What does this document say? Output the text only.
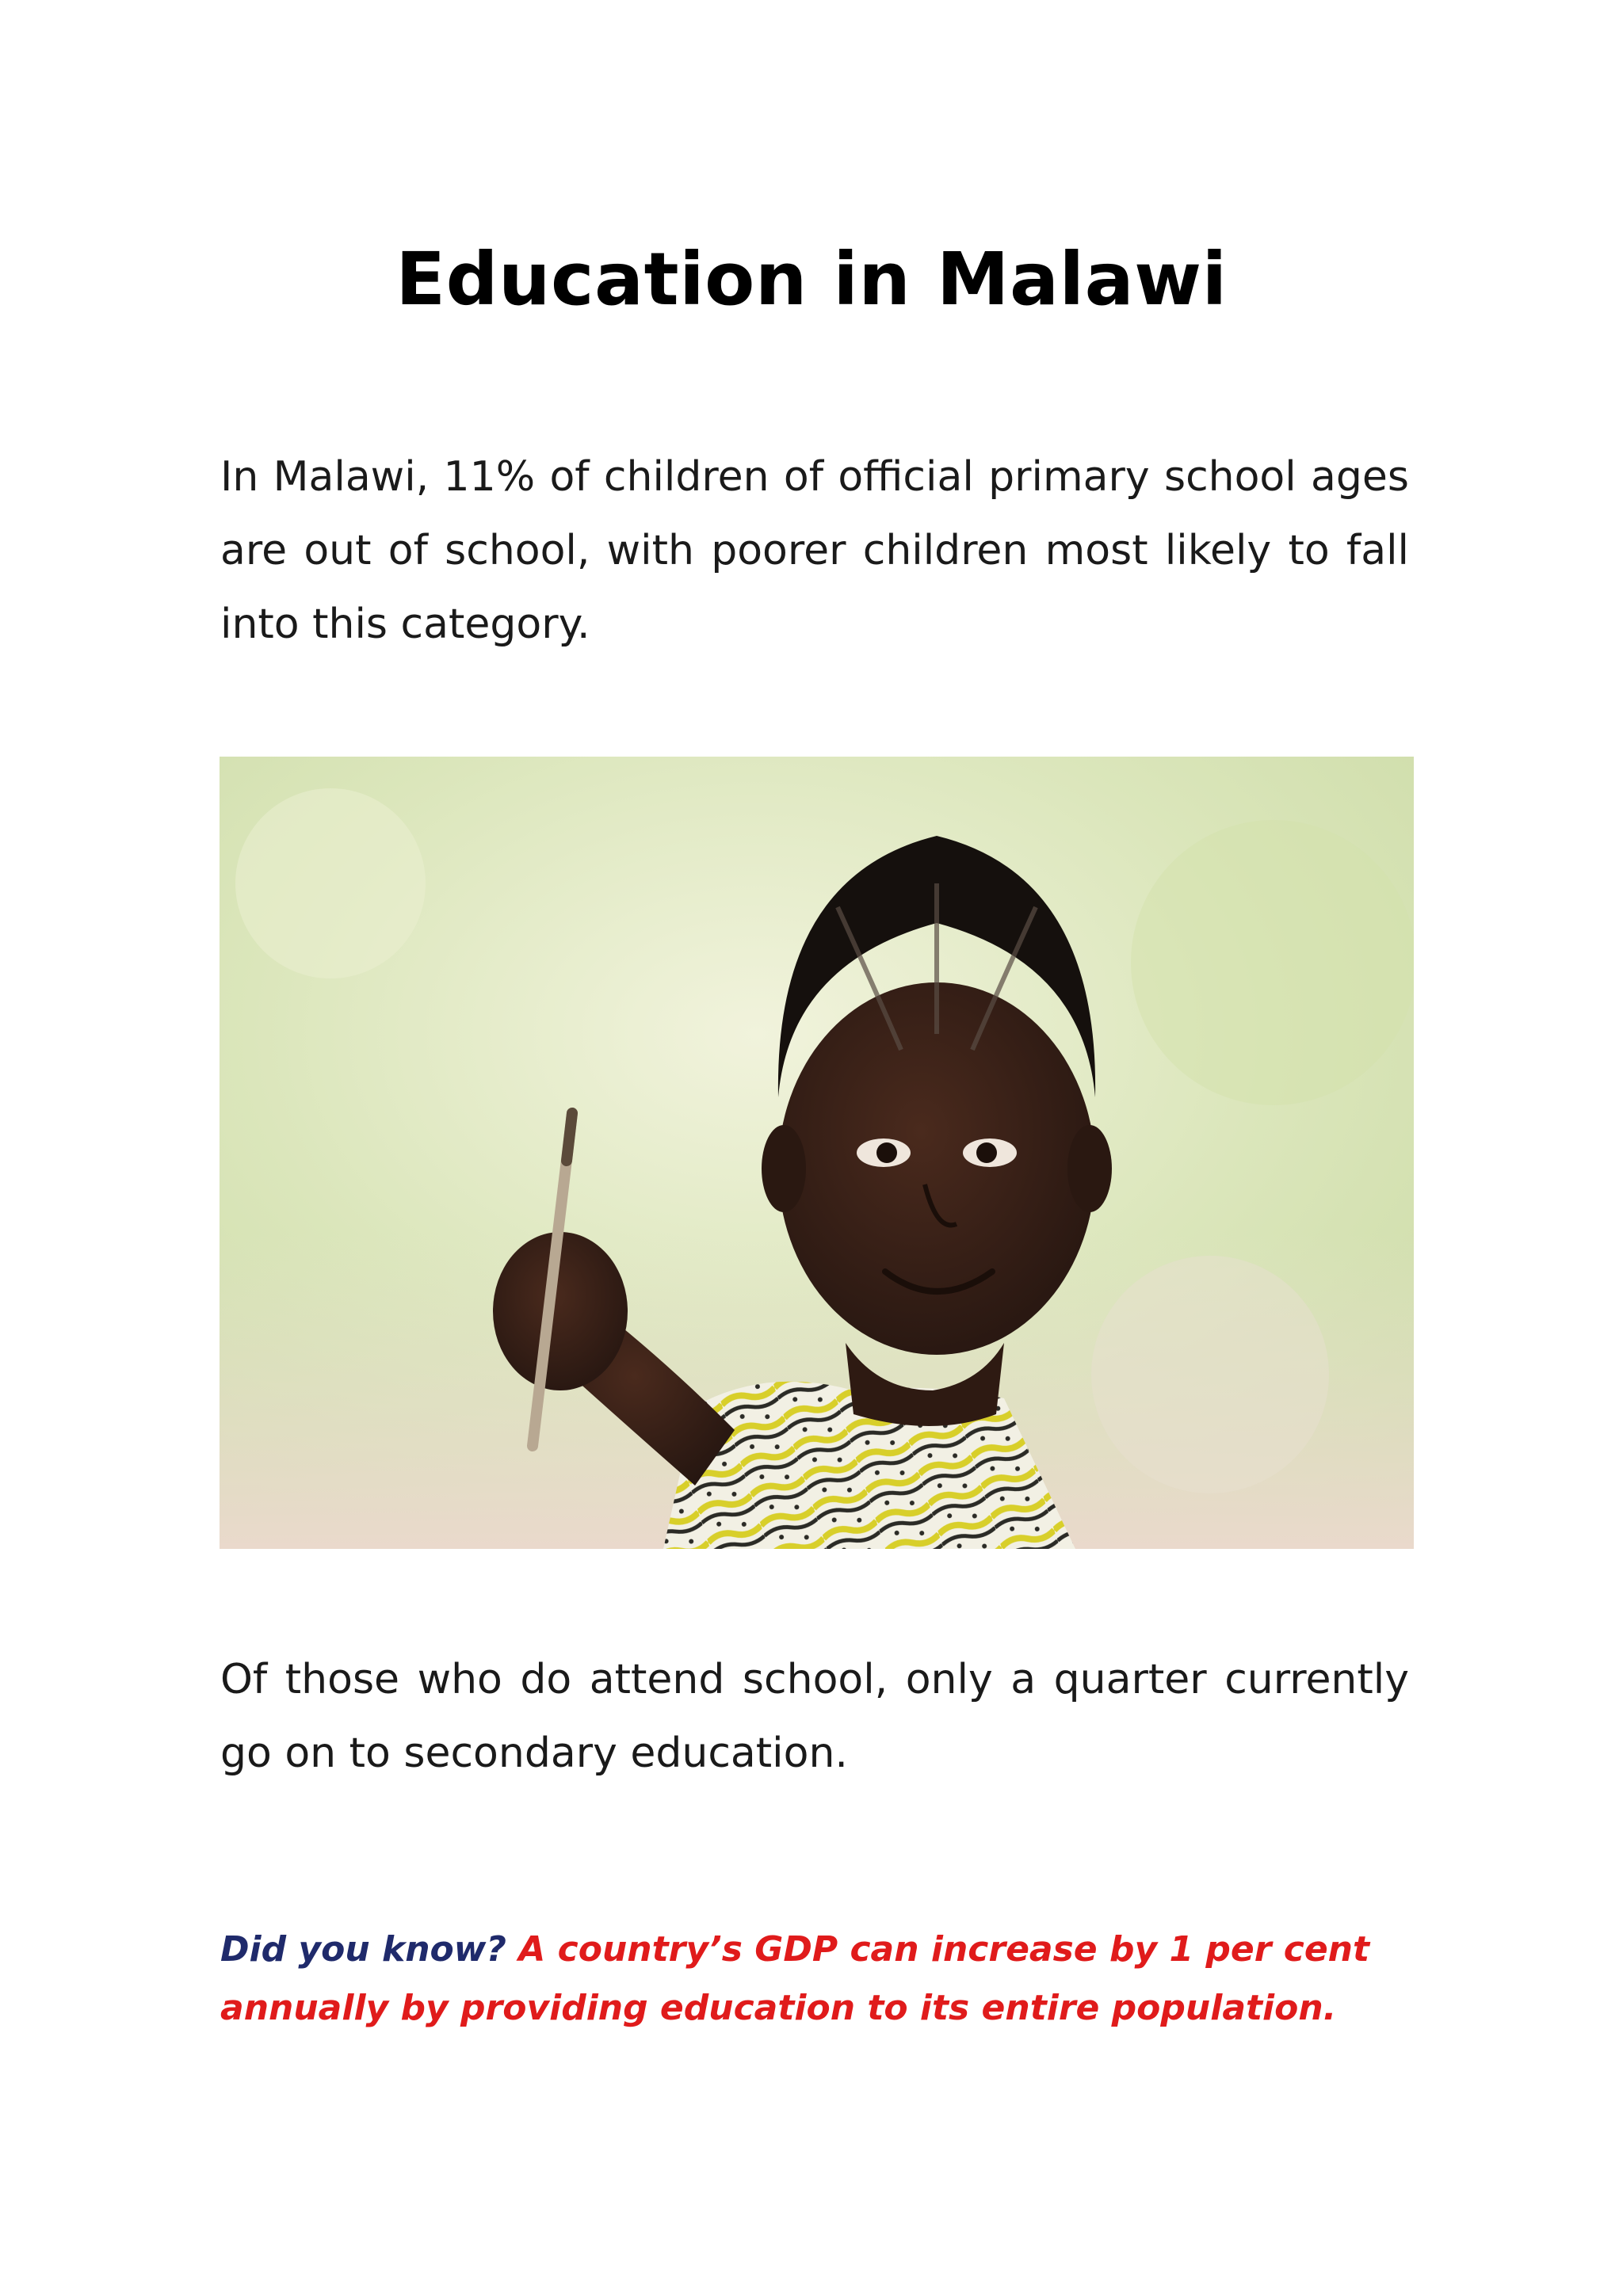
Education in Malawi

In Malawi, 11% of children of official primary school ages are out of school, with poorer children most likely to fall into this category.

Of those who do attend school, only a quarter currently go on to secondary education.

Did you know? A country’s GDP can increase by 1 per cent annually by providing education to its entire population.
